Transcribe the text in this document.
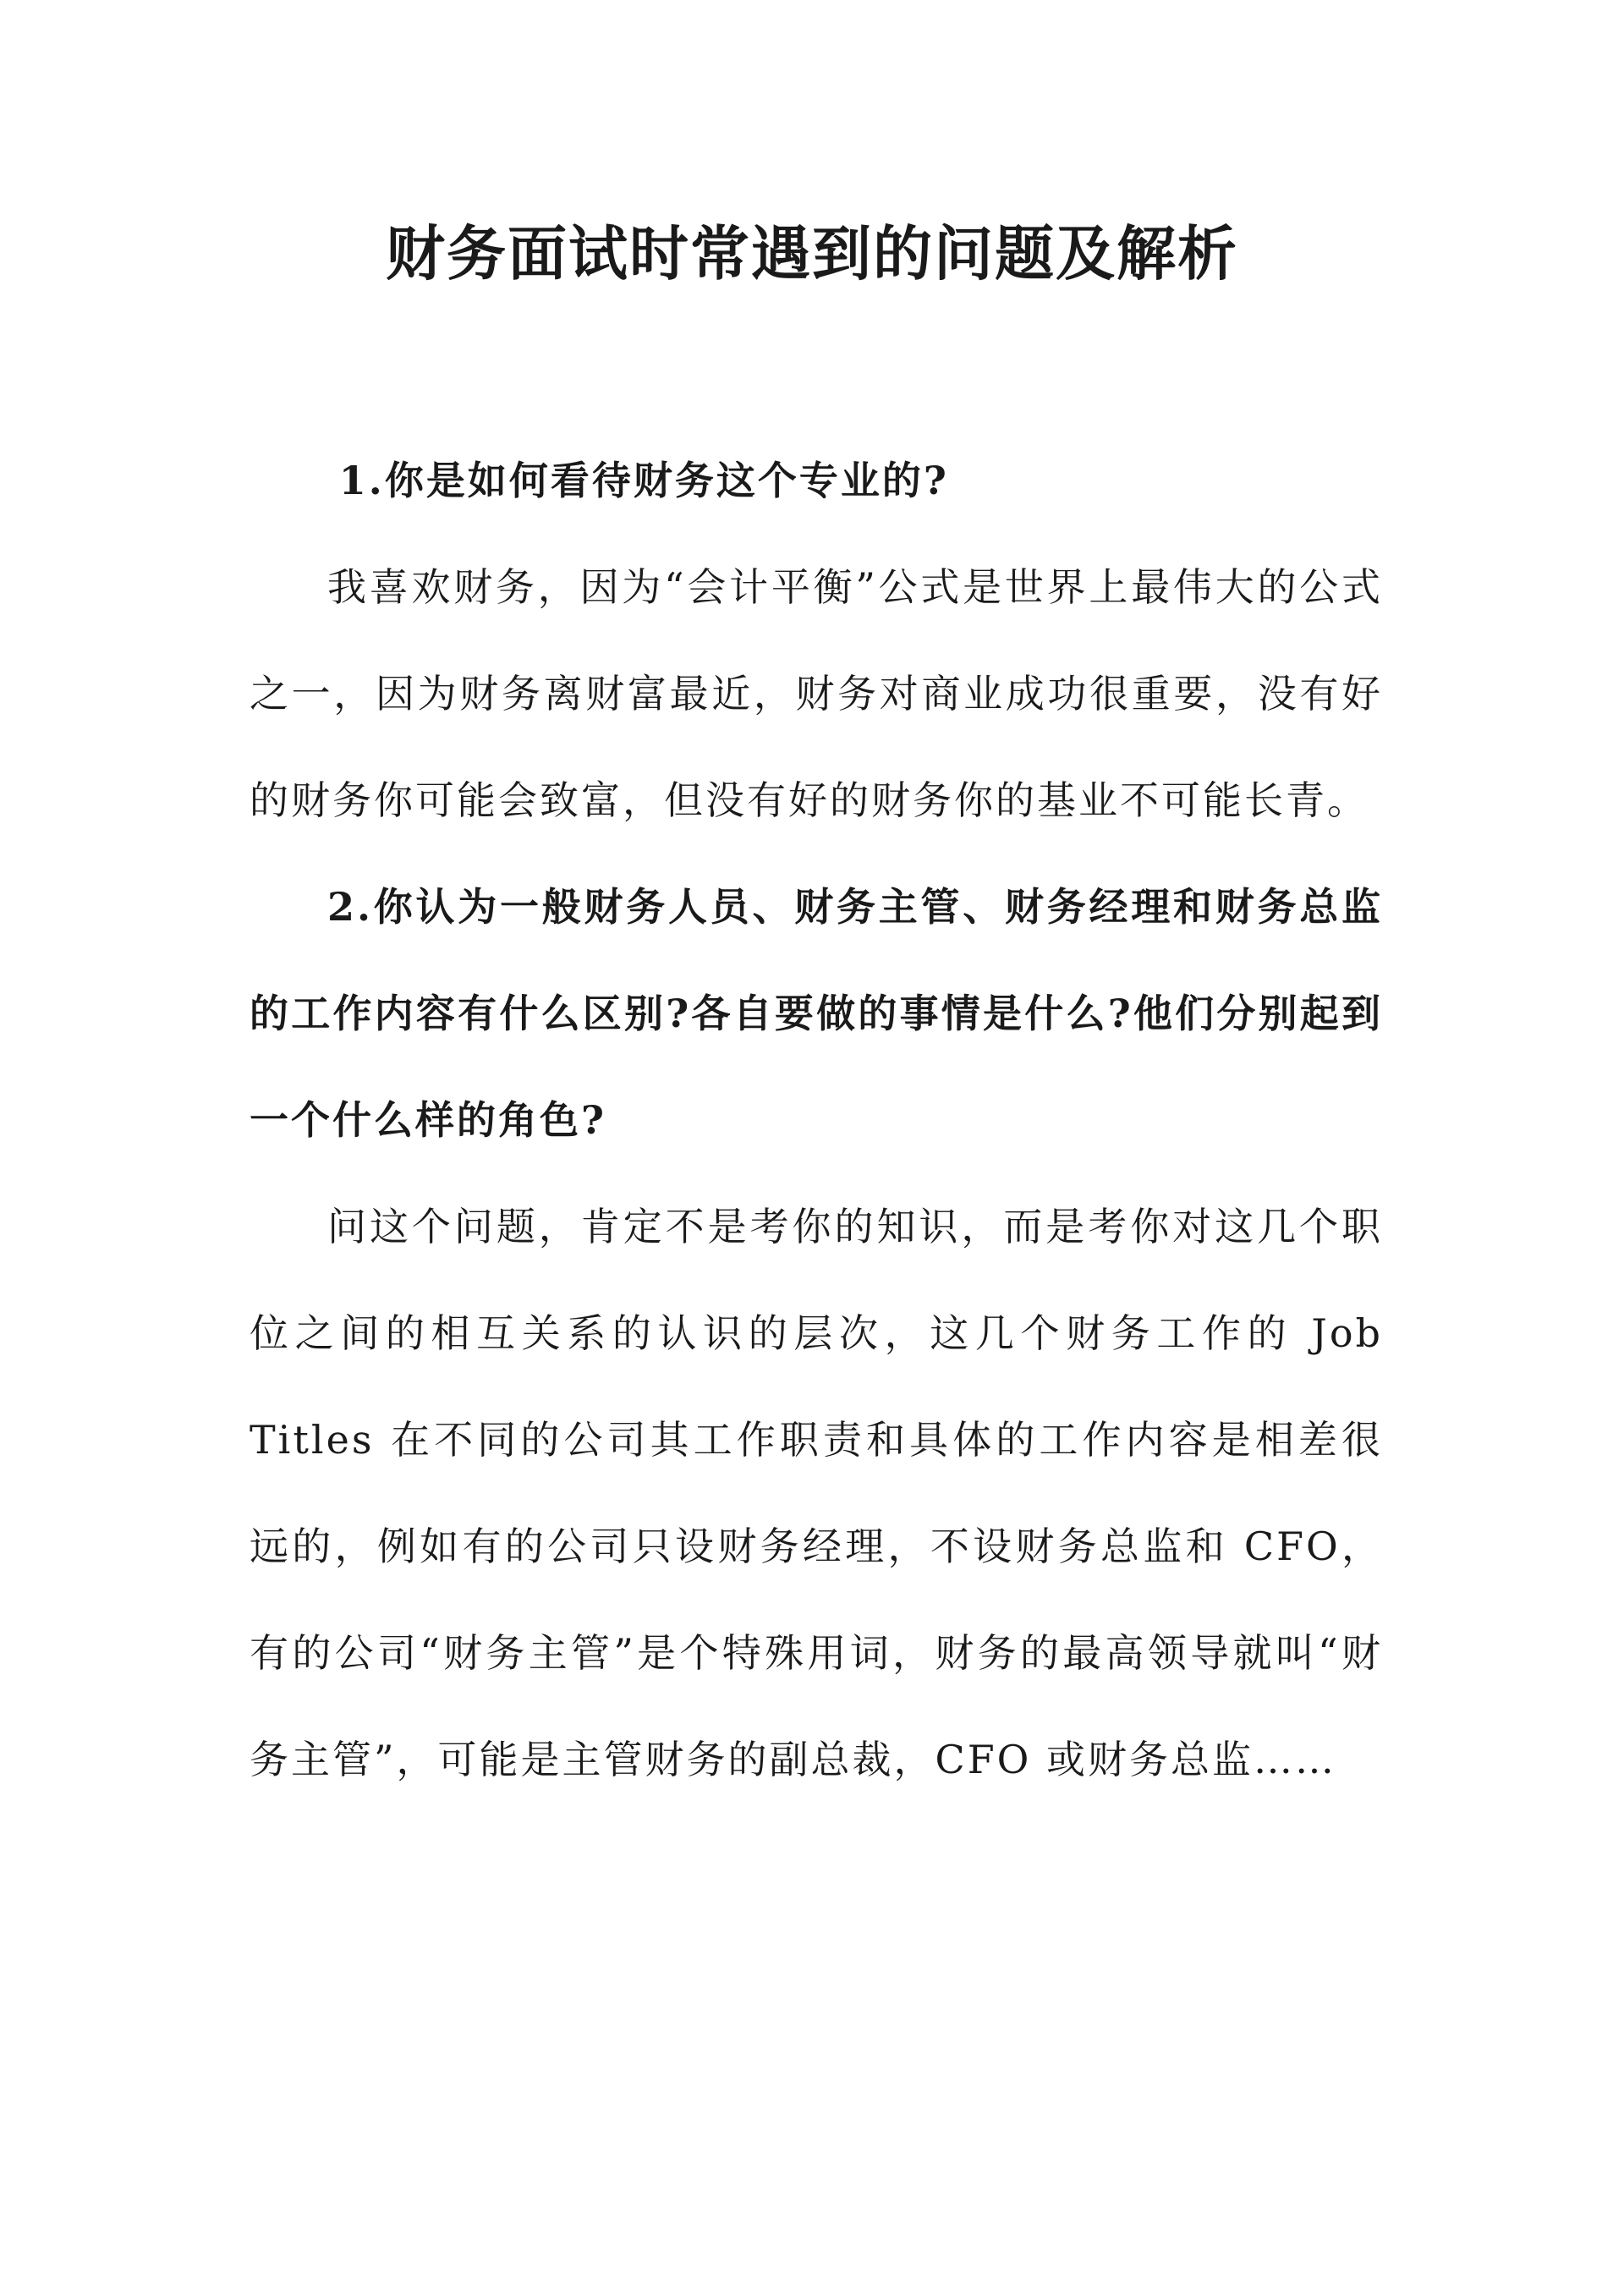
财务面试时常遇到的问题及解析

1.你是如何看待财务这个专业的?

我喜欢财务，因为“会计平衡”公式是世界上最伟大的公式之一，因为财务离财富最近，财务对商业成功很重要，没有好的财务你可能会致富，但没有好的财务你的基业不可能长青。

2.你认为一般财务人员、财务主管、财务经理和财务总监的工作内容有什么区别?各自要做的事情是什么?他们分别起到一个什么样的角色?

问这个问题，肯定不是考你的知识，而是考你对这几个职位之间的相互关系的认识的层次，这几个财务工作的 Job Titles 在不同的公司其工作职责和具体的工作内容是相差很远的，例如有的公司只设财务经理，不设财务总监和 CFO，有的公司“财务主管”是个特殊用词，财务的最高领导就叫“财务主管”，可能是主管财务的副总裁，CFO 或财务总监……
